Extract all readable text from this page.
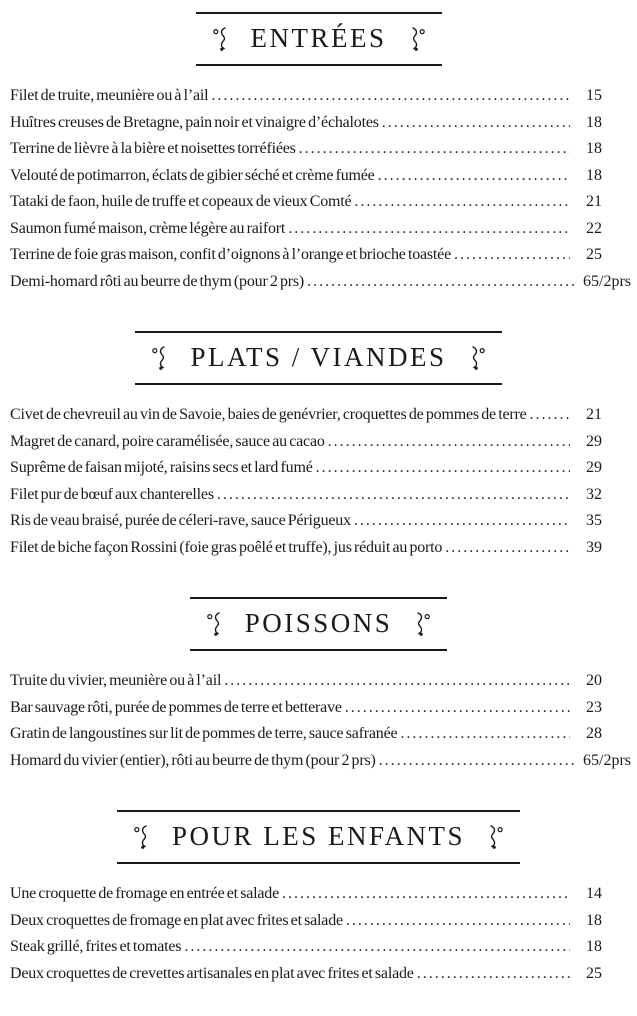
ENTRÉES
Filet de truite, meunière ou à l’ail .....	15
Huîtres creuses de Bretagne, pain noir et vinaigre d’échalotes .....	18
Terrine de lièvre à la bière et noisettes torréfiées .....	18
Velouté de potimarron, éclats de gibier séché et crème fumée .....	18
Tataki de faon, huile de truffe et copeaux de vieux Comté .....	21
Saumon fumé maison, crème légère au raifort .....	22
Terrine de foie gras maison, confit d’oignons à l’orange et brioche toastée .....	25
Demi-homard rôti au beurre de thym (pour 2 prs) .....	65/2prs
PLATS / VIANDES
Civet de chevreuil au vin de Savoie, baies de genévrier, croquettes de pommes de terre .....	21
Magret de canard, poire caramélisée, sauce au cacao .....	29
Suprême de faisan mijoté, raisins secs et lard fumé .....	29
Filet pur de bœuf aux chanterelles .....	32
Ris de veau braisé, purée de céleri-rave, sauce Périgueux .....	35
Filet de biche façon Rossini (foie gras poêlé et truffe), jus réduit au porto .....	39
POISSONS
Truite du vivier, meunière ou à l’ail .....	20
Bar sauvage rôti, purée de pommes de terre et betterave .....	23
Gratin de langoustines sur lit de pommes de terre, sauce safranée .....	28
Homard du vivier (entier), rôti au beurre de thym (pour 2 prs) .....	65/2prs
POUR LES ENFANTS
Une croquette de fromage en entrée et salade .....	14
Deux croquettes de fromage en plat avec frites et salade .....	18
Steak grillé, frites et tomates .....	18
Deux croquettes de crevettes artisanales en plat avec frites et salade .....	25
